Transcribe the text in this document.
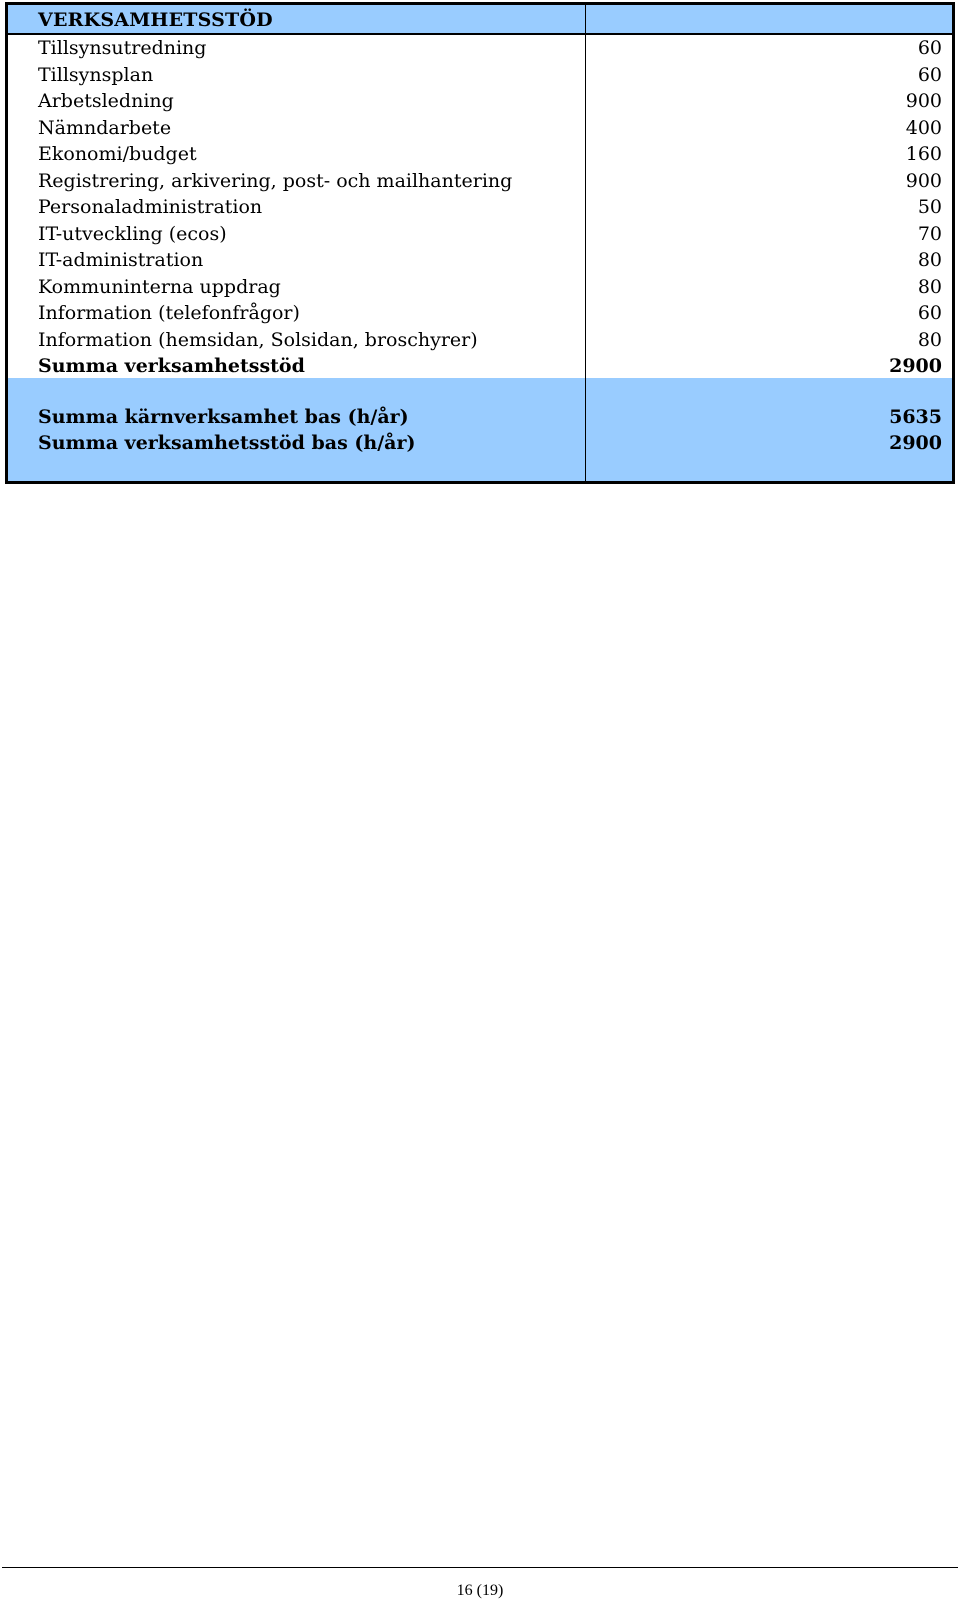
VERKSAMHETSSTÖD
Tillsynsutredning	60
Tillsynsplan	60
Arbetsledning	900
Nämndarbete	400
Ekonomi/budget	160
Registrering, arkivering, post- och mailhantering	900
Personaladministration	50
IT-utveckling (ecos)	70
IT-administration	80
Kommuninterna uppdrag	80
Information (telefonfrågor)	60
Information (hemsidan, Solsidan, broschyrer)	80
Summa verksamhetsstöd	2900
Summa kärnverksamhet bas (h/år)	5635
Summa verksamhetsstöd bas (h/år)	2900
16 (19)
